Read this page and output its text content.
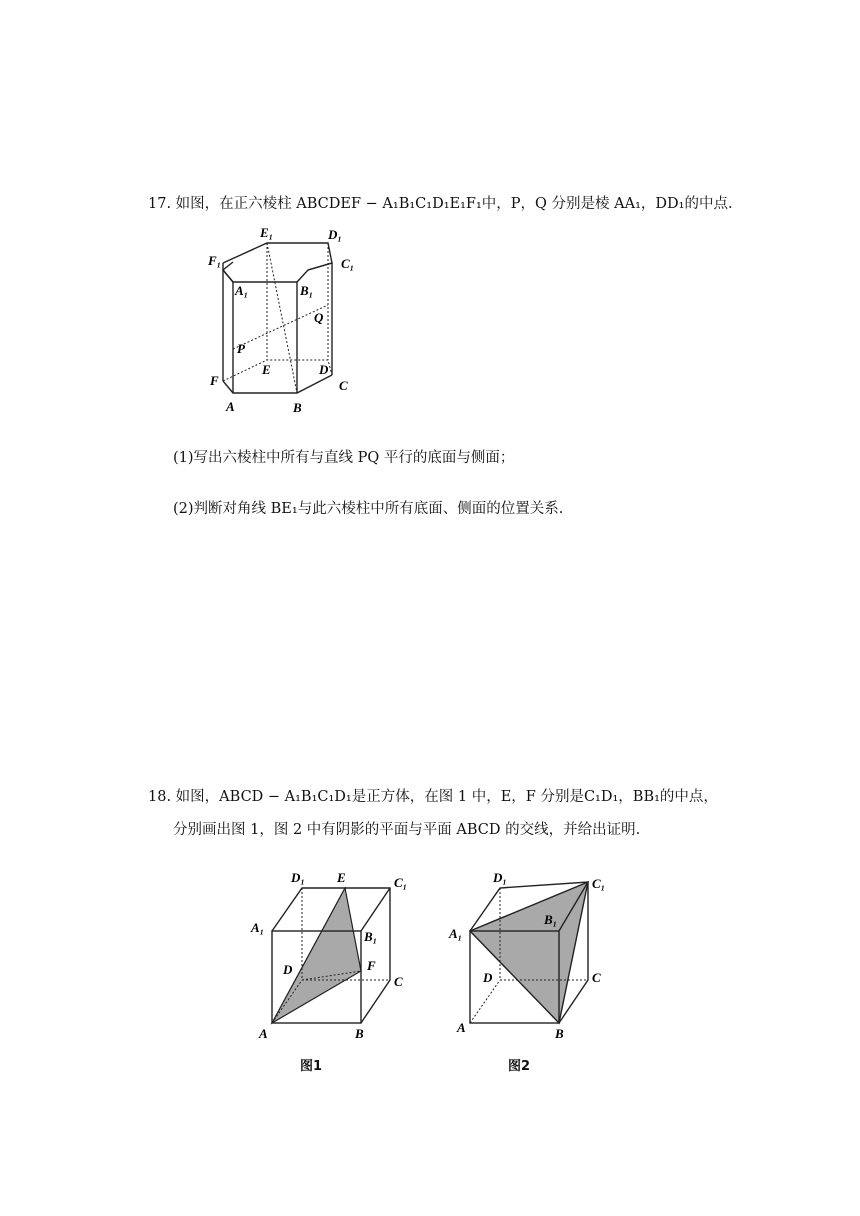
17. 如图，在正六棱柱 ABCDEF − A₁B₁C₁D₁E₁F₁中，P，Q 分别是棱 AA₁，DD₁的中点.
E₁	D₁
F₁	C₁
A₁	B₁
Q
P
E	D
F	C
A	B
(1)写出六棱柱中所有与直线 PQ 平行的底面与侧面；
(2)判断对角线 BE₁与此六棱柱中所有底面、侧面的位置关系.
18. 如图，ABCD − A₁B₁C₁D₁是正方体，在图 1 中，E，F 分别是C₁D₁，BB₁的中点，
分别画出图 1，图 2 中有阴影的平面与平面 ABCD 的交线，并给出证明.
D₁ E	C₁
A₁
B₁
D	F
C
A	B
图1
D₁	C₁
B₁
A₁
D	C
A	B
图2
